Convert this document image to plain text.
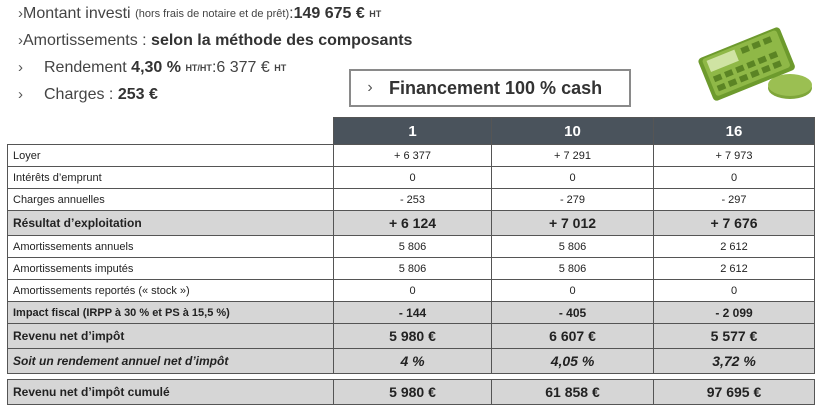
› Montant investi
(hors frais de notaire et de prêt) : 149 675 €
HT
› Amortissements :
selon la méthode des composants
›	Rendement
4,30 %
HT/HT : 6 377 €
HT
›	Charges :
253 €	› Financement 100 % cash
	1	10	16
Loyer	+ 6 377	+ 7 291	+ 7 973
Intérêts d’emprunt	0	0	0
Charges annuelles	- 253	- 279	- 297
Résultat d’exploitation	+ 6 124	+ 7 012	+ 7 676
Amortissements annuels	5 806	5 806	2 612
Amortissements imputés	5 806	5 806	2 612
Amortissements reportés (« stock »)	0	0	0
Impact fiscal (IRPP à 30 % et PS à 15,5 %)	- 144	- 405	- 2 099
Revenu net d’impôt	5 980 €	6 607 €	5 577 €
Soit un rendement annuel net d’impôt	4 %	4,05 %	3,72 %

Revenu net d’impôt cumulé	5 980 €	61 858 €	97 695 €
